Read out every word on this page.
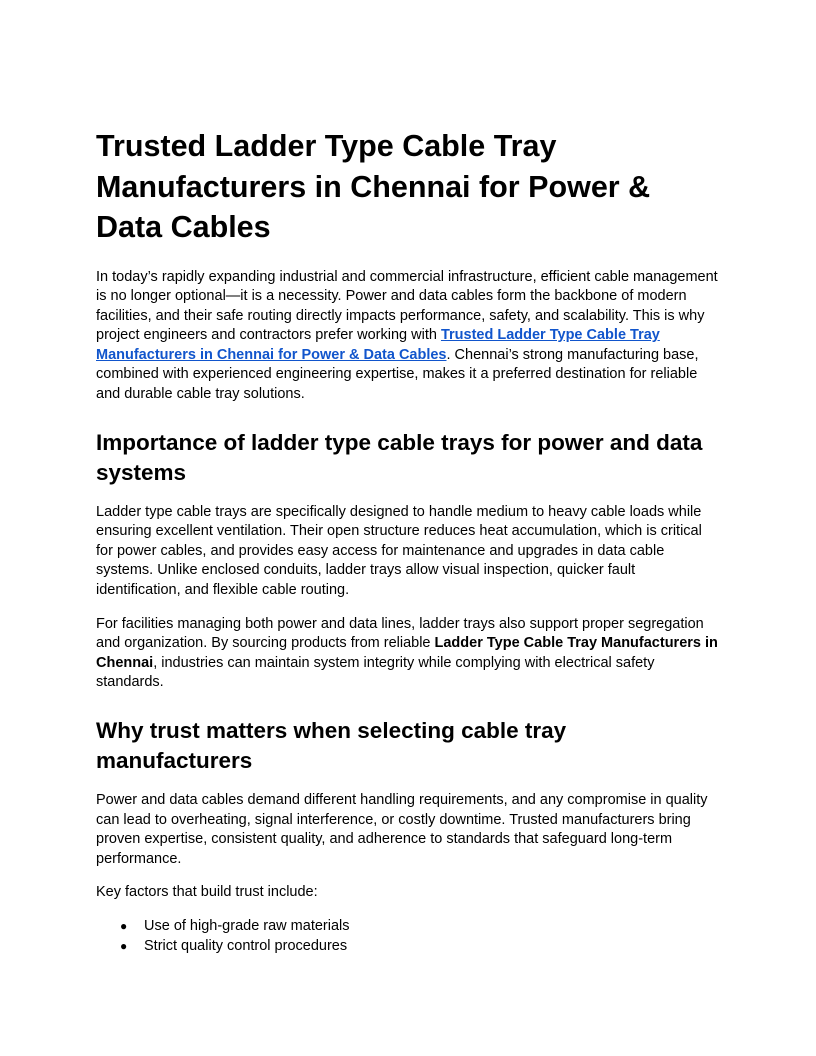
Trusted Ladder Type Cable Tray Manufacturers in Chennai for Power & Data Cables

In today’s rapidly expanding industrial and commercial infrastructure, efficient cable management is no longer optional—it is a necessity. Power and data cables form the backbone of modern facilities, and their safe routing directly impacts performance, safety, and scalability. This is why project engineers and contractors prefer working with Trusted Ladder Type Cable Tray Manufacturers in Chennai for Power & Data Cables. Chennai’s strong manufacturing base, combined with experienced engineering expertise, makes it a preferred destination for reliable and durable cable tray solutions.

Importance of ladder type cable trays for power and data systems

Ladder type cable trays are specifically designed to handle medium to heavy cable loads while ensuring excellent ventilation. Their open structure reduces heat accumulation, which is critical for power cables, and provides easy access for maintenance and upgrades in data cable systems. Unlike enclosed conduits, ladder trays allow visual inspection, quicker fault identification, and flexible cable routing.

For facilities managing both power and data lines, ladder trays also support proper segregation and organization. By sourcing products from reliable Ladder Type Cable Tray Manufacturers in Chennai, industries can maintain system integrity while complying with electrical safety standards.

Why trust matters when selecting cable tray manufacturers

Power and data cables demand different handling requirements, and any compromise in quality can lead to overheating, signal interference, or costly downtime. Trusted manufacturers bring proven expertise, consistent quality, and adherence to standards that safeguard long-term performance.

Key factors that build trust include:

● Use of high-grade raw materials
● Strict quality control procedures
